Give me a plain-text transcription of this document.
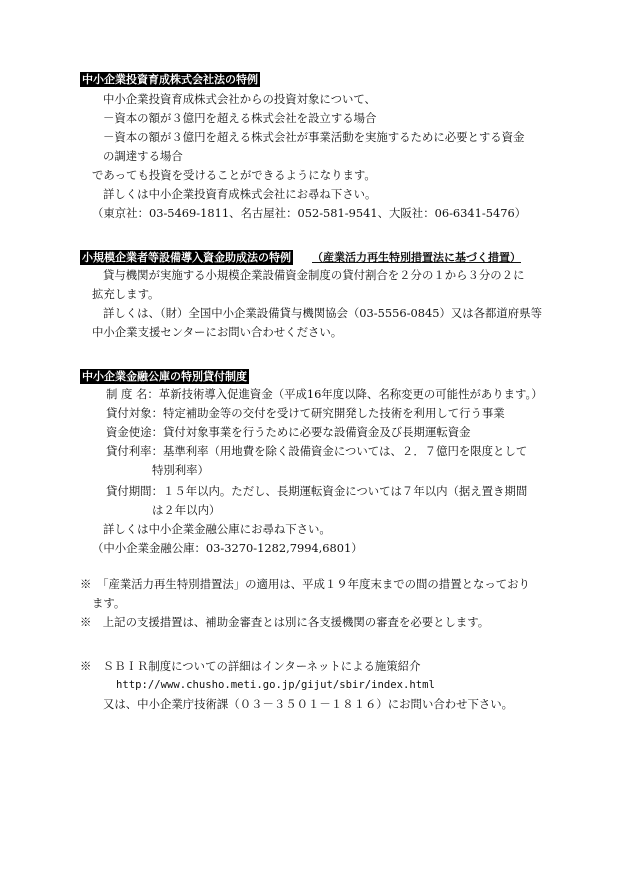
中小企業投資育成株式会社法の特例
中小企業投資育成株式会社からの投資対象について、
－資本の額が３億円を超える株式会社を設立する場合
－資本の額が３億円を超える株式会社が事業活動を実施するために必要とする資金
の調達する場合
であっても投資を受けることができるようになります。
詳しくは中小企業投資育成株式会社にお尋ね下さい。
（東京社：03-5469-1811、名古屋社：052-581-9541、大阪社：06-6341-5476）
小規模企業者等設備導入資金助成法の特例 （産業活力再生特別措置法に基づく措置）
貸与機関が実施する小規模企業設備資金制度の貸付割合を２分の１から３分の２に
拡充します。
詳しくは、（財）全国中小企業設備貸与機関協会（03-5556-0845）又は各都道府県等
中小企業支援センターにお問い合わせください。
中小企業金融公庫の特別貸付制度
制 度 名：革新技術導入促進資金（平成16年度以降、名称変更の可能性があります。）
貸付対象：特定補助金等の交付を受けて研究開発した技術を利用して行う事業
資金使途：貸付対象事業を行うために必要な設備資金及び長期運転資金
貸付利率：基準利率（用地費を除く設備資金については、２．７億円を限度として
特別利率）
貸付期間：１５年以内。ただし、長期運転資金については７年以内（据え置き期間
は２年以内）
詳しくは中小企業金融公庫にお尋ね下さい。
（中小企業金融公庫：03-3270-1282,7994,6801）
※　「産業活力再生特別措置法」の適用は、平成１９年度末までの間の措置となっており
ます。
※　上記の支援措置は、補助金審査とは別に各支援機関の審査を必要とします。
※　ＳＢＩＲ制度についての詳細はインターネットによる施策紹介
http://www.chusho.meti.go.jp/gijut/sbir/index.html
又は、中小企業庁技術課（０３－３５０１－１８１６）にお問い合わせ下さい。
